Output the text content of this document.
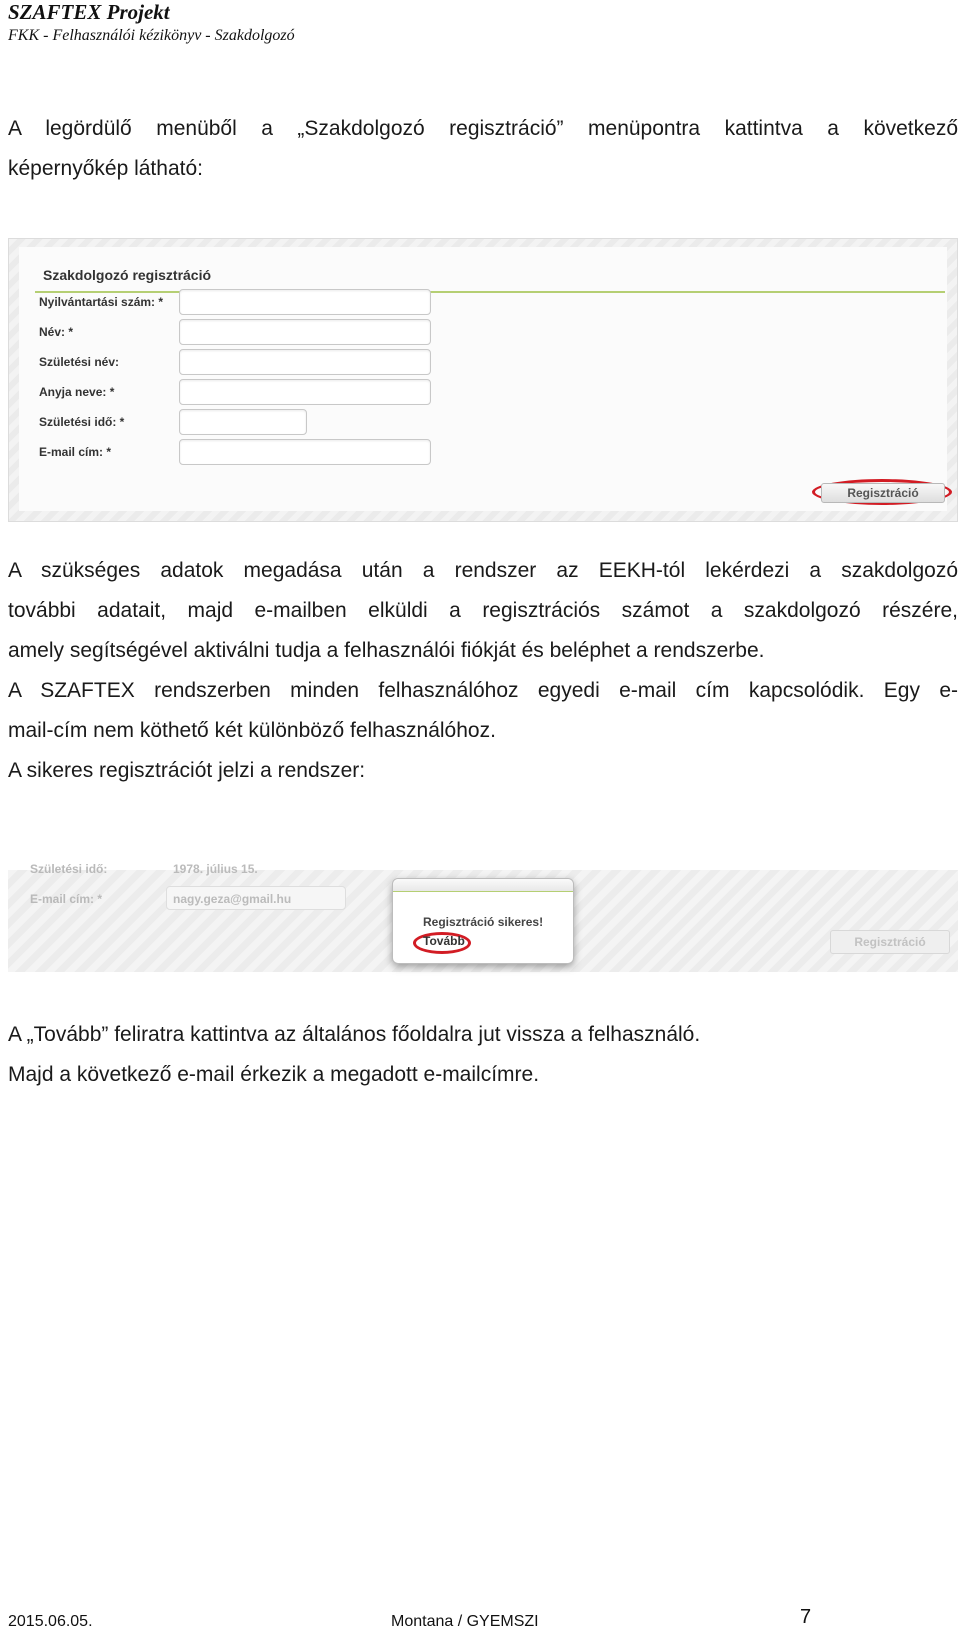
SZAFTEX Projekt
FKK - Felhasználói kézikönyv - Szakdolgozó
A legördülő menüből a „Szakdolgozó regisztráció” menüpontra kattintva a következő
képernyőkép látható:
Szakdolgozó regisztráció
Nyilvántartási szám: *
Név: *
Születési név:
Anyja neve: *
Születési idő: *
E-mail cím: *
Regisztráció
A szükséges adatok megadása után a rendszer az EEKH-tól lekérdezi a szakdolgozó
további adatait, majd e-mailben elküldi a regisztrációs számot a szakdolgozó részére,
amely segítségével aktiválni tudja a felhasználói fiókját és beléphet a rendszerbe.
A SZAFTEX rendszerben minden felhasználóhoz egyedi e-mail cím kapcsolódik. Egy e-
mail-cím nem köthető két különböző felhasználóhoz.
A sikeres regisztrációt jelzi a rendszer:
Születési idő:	1978. július 15.
E-mail cím: *	nagy.geza@gmail.hu
Regisztráció
Regisztráció sikeres!
Tovább
A „Tovább” feliratra kattintva az általános főoldalra jut vissza a felhasználó.
Majd a következő e-mail érkezik a megadott e-mailcímre.
2015.06.05.	Montana / GYEMSZI	7
